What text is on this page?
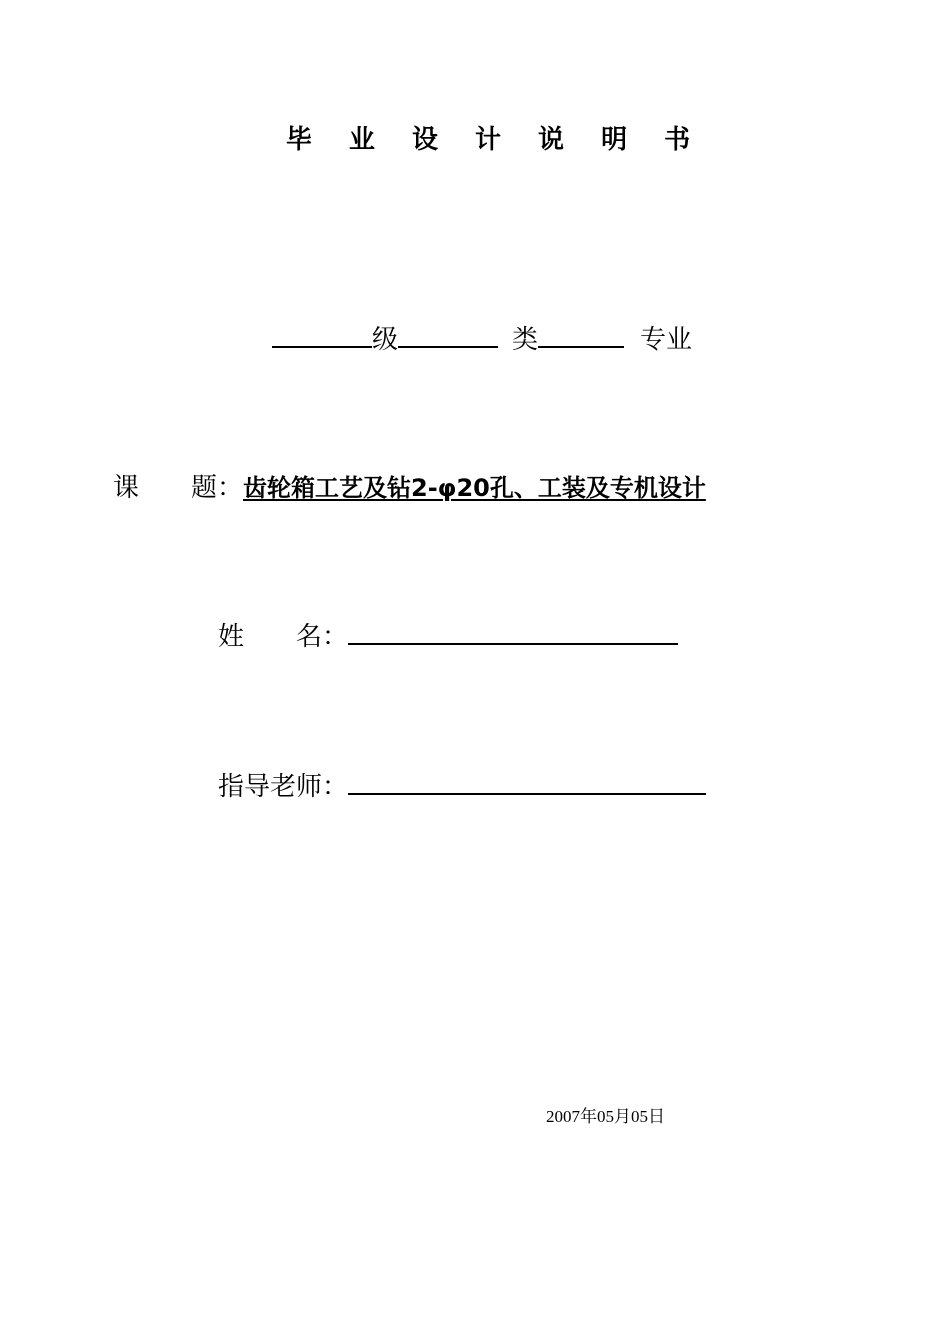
毕 业 设 计 说 明 书
级	类	专业
课　　题：齿轮箱工艺及钻2-φ20孔、工装及专机设计
姓　　名：
指导老师：
2007年05月05日
